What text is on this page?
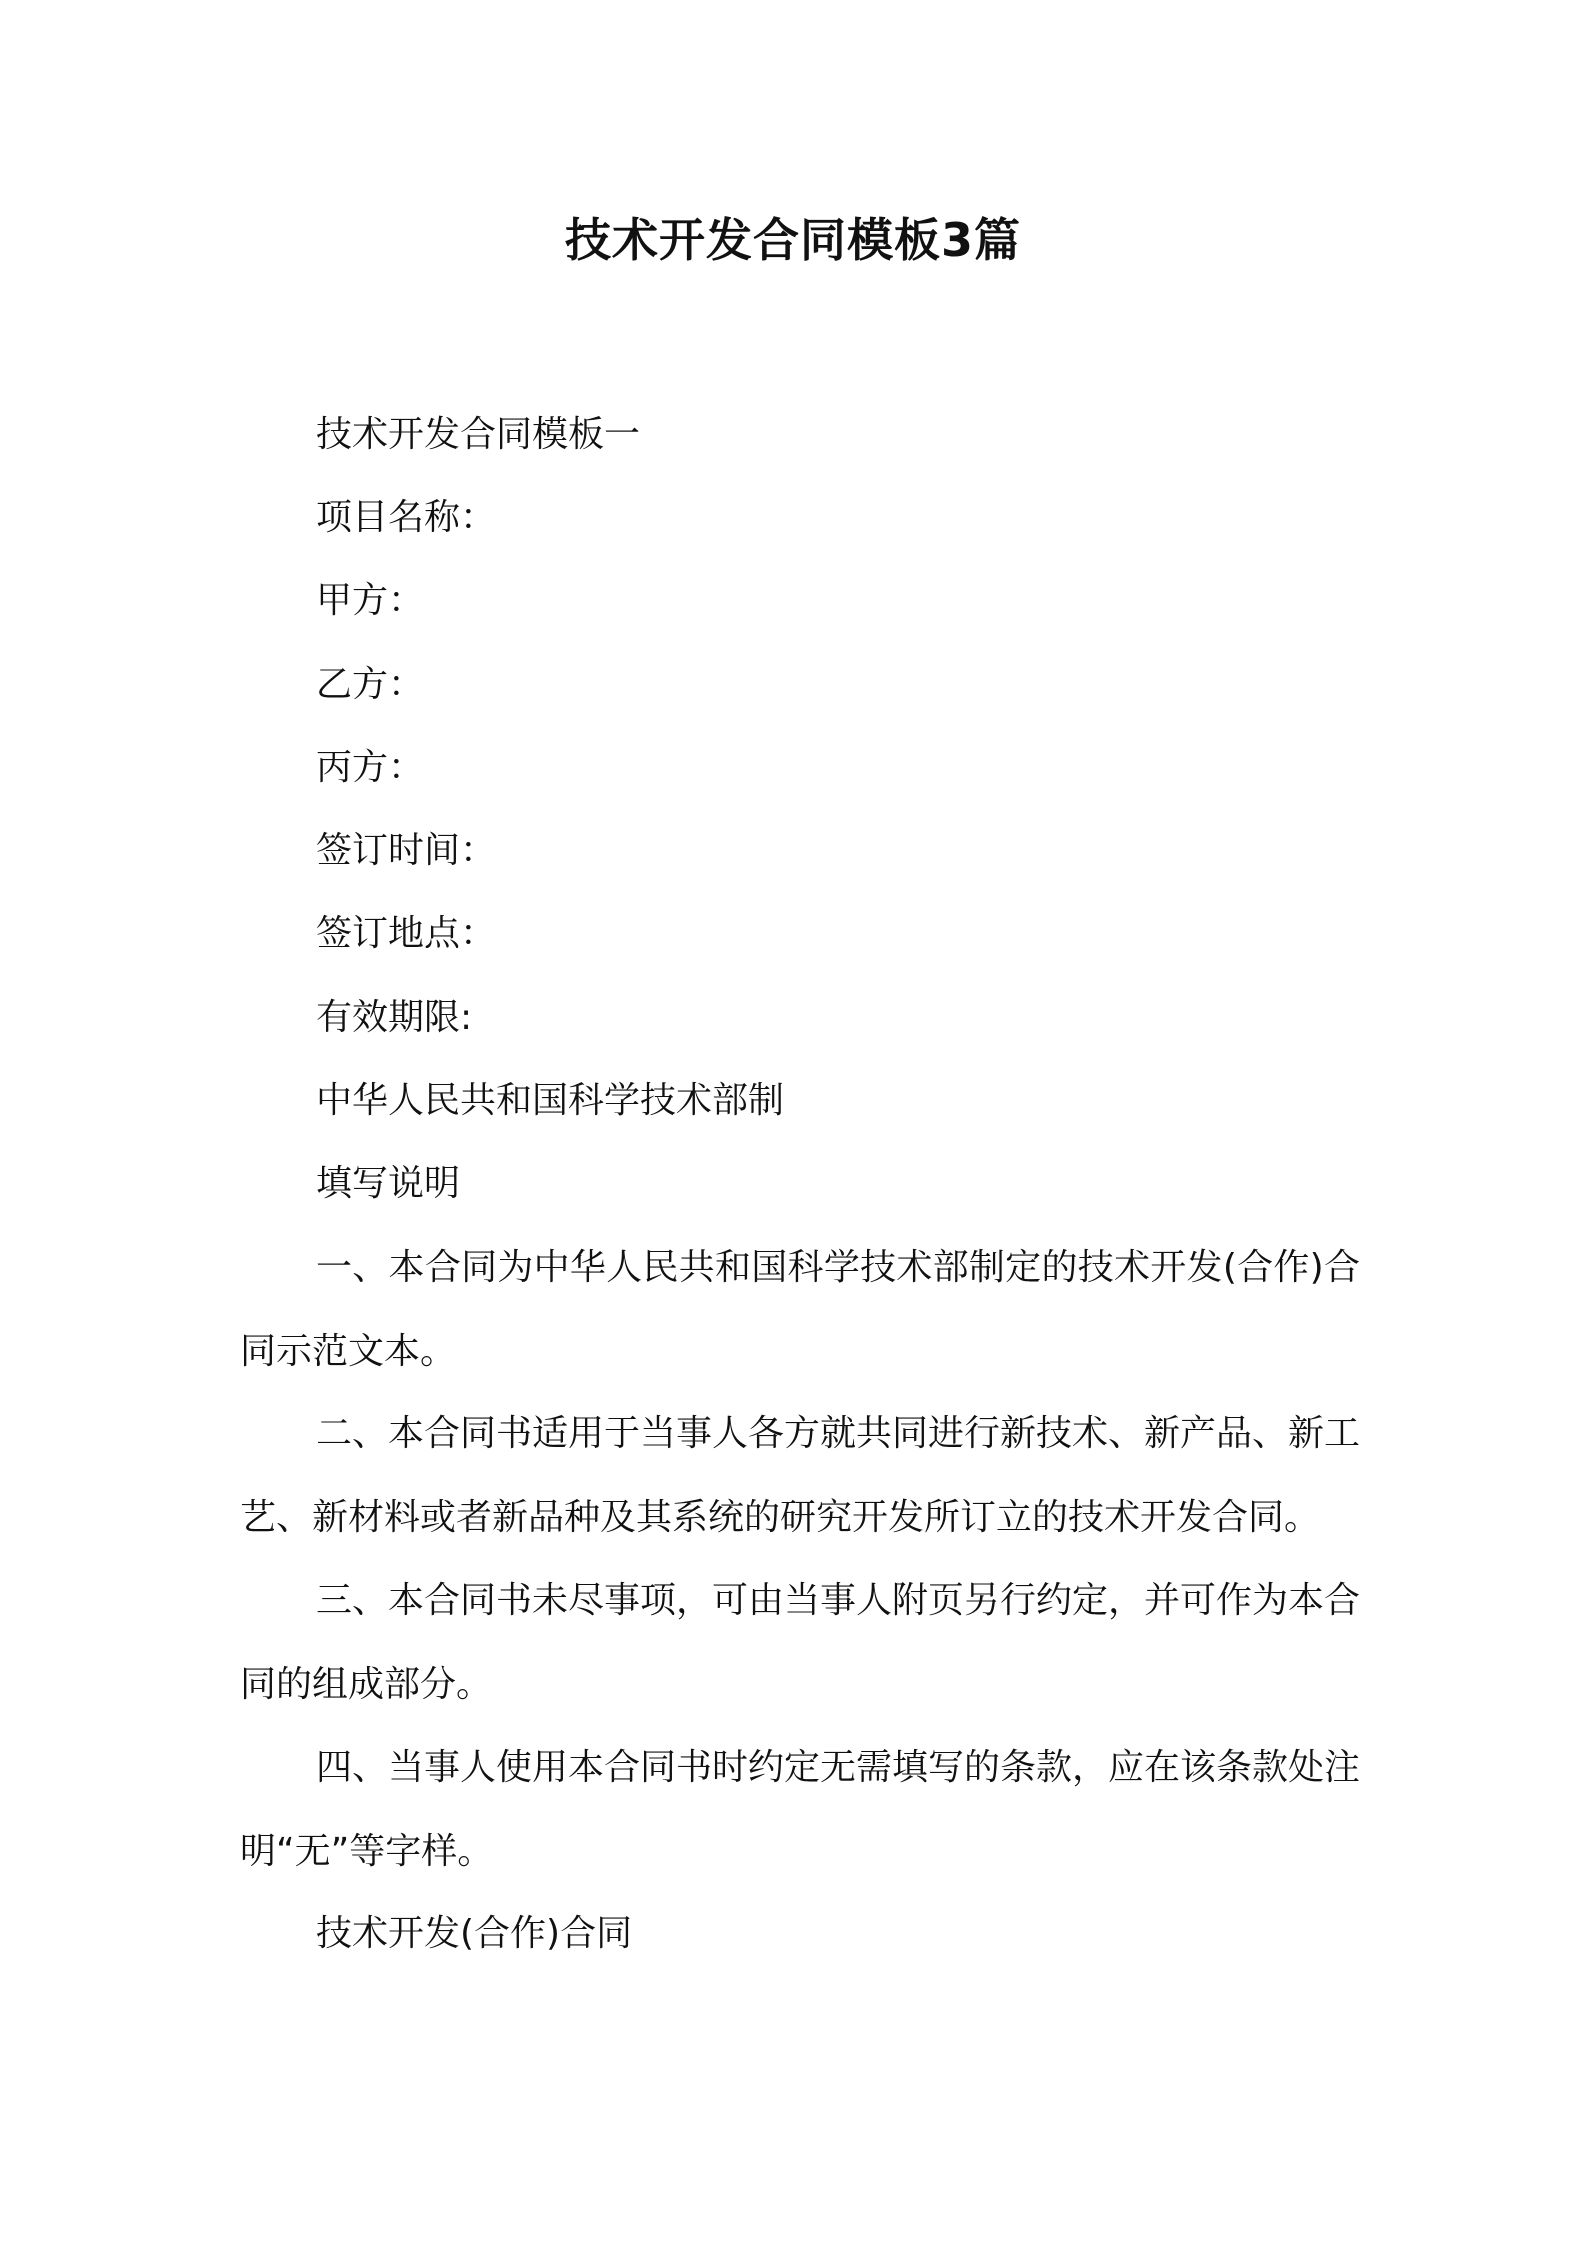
技术开发合同模板3篇
技术开发合同模板一
项目名称：
甲方：
乙方：
丙方：
签订时间：
签订地点：
有效期限:
中华人民共和国科学技术部制
填写说明
一、本合同为中华人民共和国科学技术部制定的技术开发(合作)合同示范文本。
二、本合同书适用于当事人各方就共同进行新技术、新产品、新工艺、新材料或者新品种及其系统的研究开发所订立的技术开发合同。
三、本合同书未尽事项，可由当事人附页另行约定，并可作为本合同的组成部分。
四、当事人使用本合同书时约定无需填写的条款，应在该条款处注明“无”等字样。
技术开发(合作)合同
